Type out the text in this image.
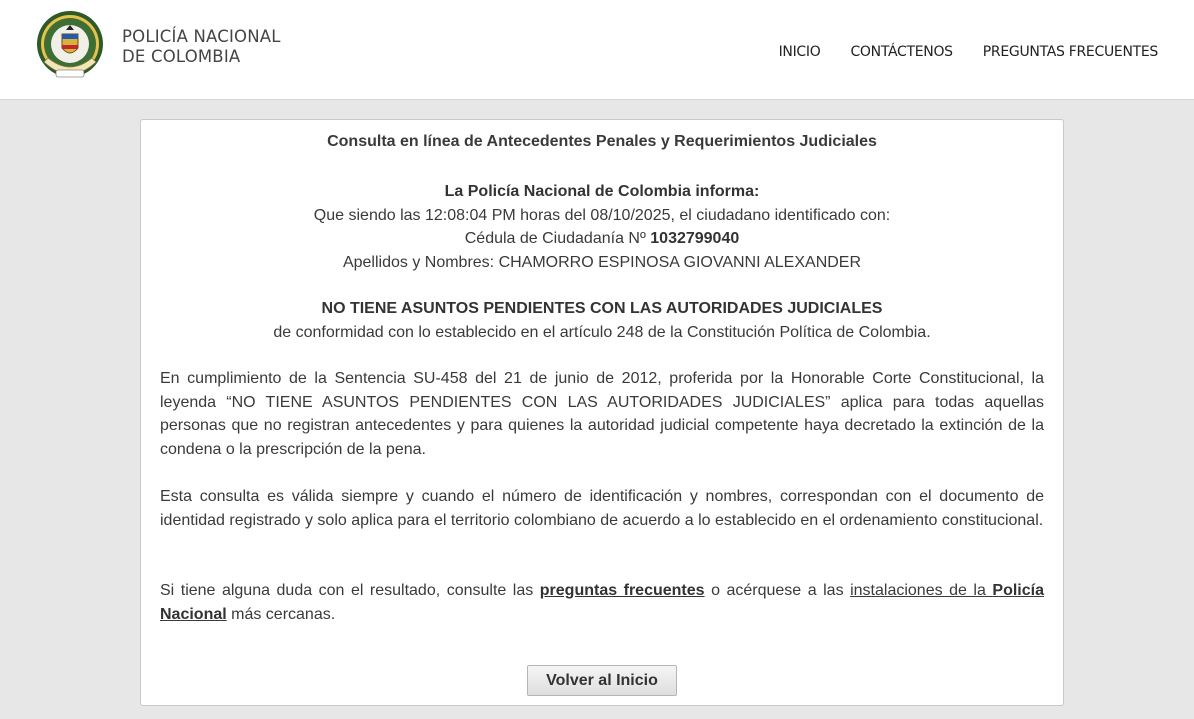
POLICÍA NACIONAL
DE COLOMBIA	INICIO CONTÁCTENOS PREGUNTAS FRECUENTES
Consulta en línea de Antecedentes Penales y Requerimientos Judiciales
La Policía Nacional de Colombia informa:
Que siendo las 12:08:04 PM horas del 08/10/2025, el ciudadano identificado con:
Cédula de Ciudadanía Nº 1032799040
Apellidos y Nombres: CHAMORRO ESPINOSA GIOVANNI ALEXANDER
NO TIENE ASUNTOS PENDIENTES CON LAS AUTORIDADES JUDICIALES
de conformidad con lo establecido en el artículo 248 de la Constitución Política de Colombia.
En cumplimiento de la Sentencia SU-458 del 21 de junio de 2012, proferida por la Honorable Corte Constitucional, la leyenda “NO TIENE ASUNTOS PENDIENTES CON LAS AUTORIDADES JUDICIALES” aplica para todas aquellas personas que no registran antecedentes y para quienes la autoridad judicial competente haya decretado la extinción de la condena o la prescripción de la pena.
Esta consulta es válida siempre y cuando el número de identificación y nombres, correspondan con el documento de identidad registrado y solo aplica para el territorio colombiano de acuerdo a lo establecido en el ordenamiento constitucional.
Si tiene alguna duda con el resultado, consulte las preguntas frecuentes o acérquese a las instalaciones de la Policía Nacional más cercanas.
Volver al Inicio
